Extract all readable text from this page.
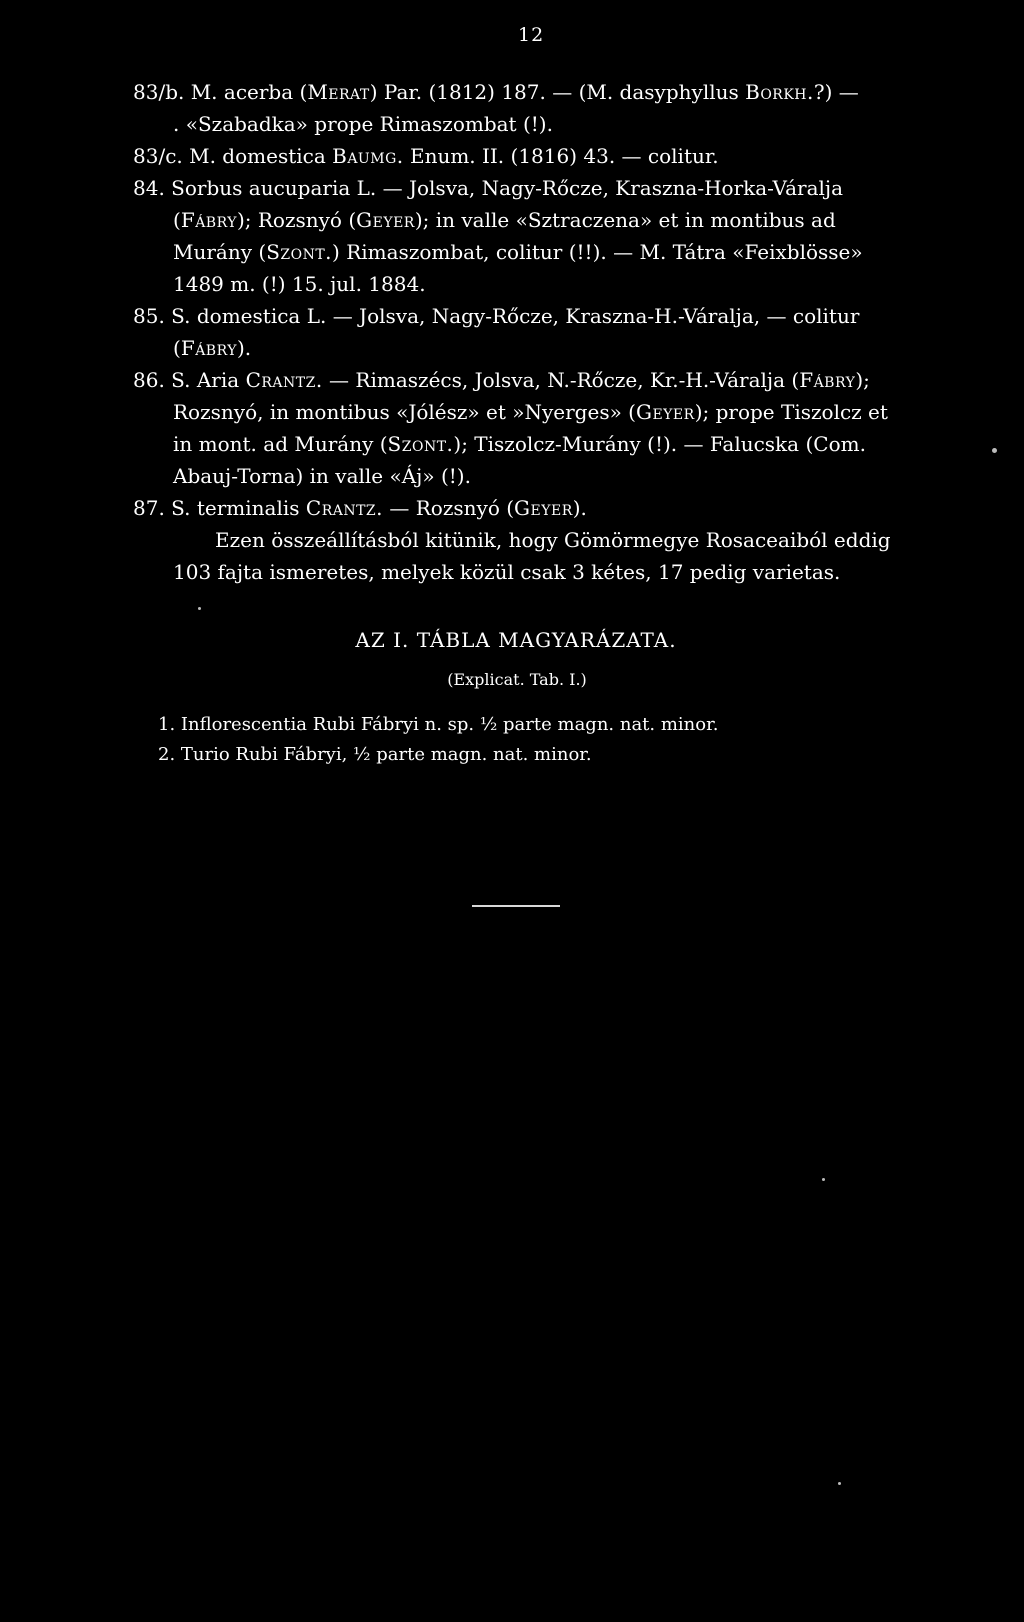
12
83/b. M. acerba (Merat) Par. (1812) 187. — (M. dasyphyllus Borkh.?) —
. «Szabadka» prope Rimaszombat (!).
83/c. M. domestica Baumg. Enum. II. (1816) 43. — colitur.
84. Sorbus aucuparia L. — Jolsva, Nagy-Rőcze, Kraszna-Horka-Váralja
(Fábry); Rozsnyó (Geyer); in valle «Sztraczena» et in montibus ad
Murány (Szont.) Rimaszombat, colitur (!!). — M. Tátra «Feixblösse»
1489 m. (!) 15. jul. 1884.
85. S. domestica L. — Jolsva, Nagy-Rőcze, Kraszna-H.-Váralja, — colitur
(Fábry).
86. S. Aria Crantz. — Rimaszécs, Jolsva, N.-Rőcze, Kr.-H.-Váralja (Fábry);
Rozsnyó, in montibus «Jólész» et »Nyerges» (Geyer); prope Tiszolcz et
in mont. ad Murány (Szont.); Tiszolcz-Murány (!). — Falucska (Com.
Abauj-Torna) in valle «Áj» (!).
87. S. terminalis Crantz. — Rozsnyó (Geyer).
Ezen összeállításból kitünik, hogy Gömörmegye Rosaceaiból eddig
103 fajta ismeretes, melyek közül csak 3 kétes, 17 pedig varietas.
AZ I. TÁBLA MAGYARÁZATA.
(Explicat. Tab. I.)
1. Inflorescentia Rubi Fábryi n. sp. ½ parte magn. nat. minor.
2. Turio Rubi Fábryi, ½ parte magn. nat. minor.
